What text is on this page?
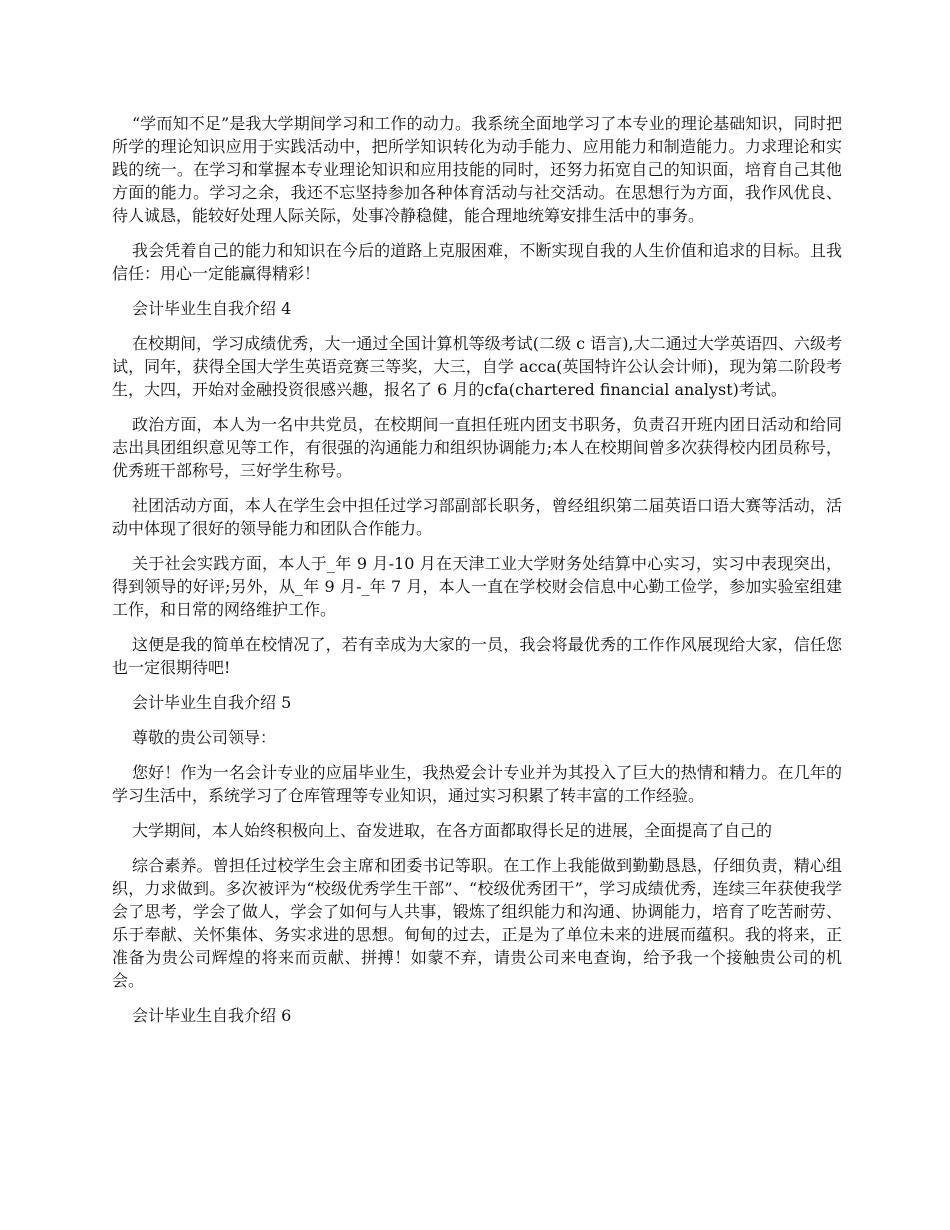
“学而知不足”是我大学期间学习和工作的动力。我系统全面地学习了本专业的理论基础知识，同时把所学的理论知识应用于实践活动中，把所学知识转化为动手能力、应用能力和制造能力。力求理论和实践的统一。在学习和掌握本专业理论知识和应用技能的同时，还努力拓宽自己的知识面，培育自己其他方面的能力。学习之余，我还不忘坚持参加各种体育活动与社交活动。在思想行为方面，我作风优良、待人诚恳，能较好处理人际关际，处事冷静稳健，能合理地统筹安排生活中的事务。

我会凭着自己的能力和知识在今后的道路上克服困难，不断实现自我的人生价值和追求的目标。且我信任：用心一定能赢得精彩！

会计毕业生自我介绍 4

在校期间，学习成绩优秀，大一通过全国计算机等级考试(二级 c 语言),大二通过大学英语四、六级考试，同年，获得全国大学生英语竞赛三等奖，大三，自学 acca(英国特许公认会计师)，现为第二阶段考生，大四，开始对金融投资很感兴趣，报名了 6 月的cfa(chartered financial analyst)考试。

政治方面，本人为一名中共党员，在校期间一直担任班内团支书职务，负责召开班内团日活动和给同志出具团组织意见等工作，有很强的沟通能力和组织协调能力;本人在校期间曾多次获得校内团员称号，优秀班干部称号，三好学生称号。

社团活动方面，本人在学生会中担任过学习部副部长职务，曾经组织第二届英语口语大赛等活动，活动中体现了很好的领导能力和团队合作能力。

关于社会实践方面，本人于_年 9 月-10 月在天津工业大学财务处结算中心实习，实习中表现突出，得到领导的好评;另外，从_年 9 月-_年 7 月，本人一直在学校财会信息中心勤工俭学，参加实验室组建工作，和日常的网络维护工作。

这便是我的简单在校情况了，若有幸成为大家的一员，我会将最优秀的工作作风展现给大家，信任您也一定很期待吧!

会计毕业生自我介绍 5

尊敬的贵公司领导：

您好！作为一名会计专业的应届毕业生，我热爱会计专业并为其投入了巨大的热情和精力。在几年的学习生活中，系统学习了仓库管理等专业知识，通过实习积累了转丰富的工作经验。

大学期间，本人始终积极向上、奋发进取，在各方面都取得长足的进展，全面提高了自己的

综合素养。曾担任过校学生会主席和团委书记等职。在工作上我能做到勤勤恳恳，仔细负责，精心组织，力求做到。多次被评为“校级优秀学生干部”、“校级优秀团干”，学习成绩优秀，连续三年获使我学会了思考，学会了做人，学会了如何与人共事，锻炼了组织能力和沟通、协调能力，培育了吃苦耐劳、乐于奉献、关怀集体、务实求进的思想。甸甸的过去，正是为了单位未来的进展而蕴积。我的将来，正准备为贵公司辉煌的将来而贡献、拼搏！如蒙不弃，请贵公司来电查询，给予我一个接触贵公司的机会。

会计毕业生自我介绍 6
